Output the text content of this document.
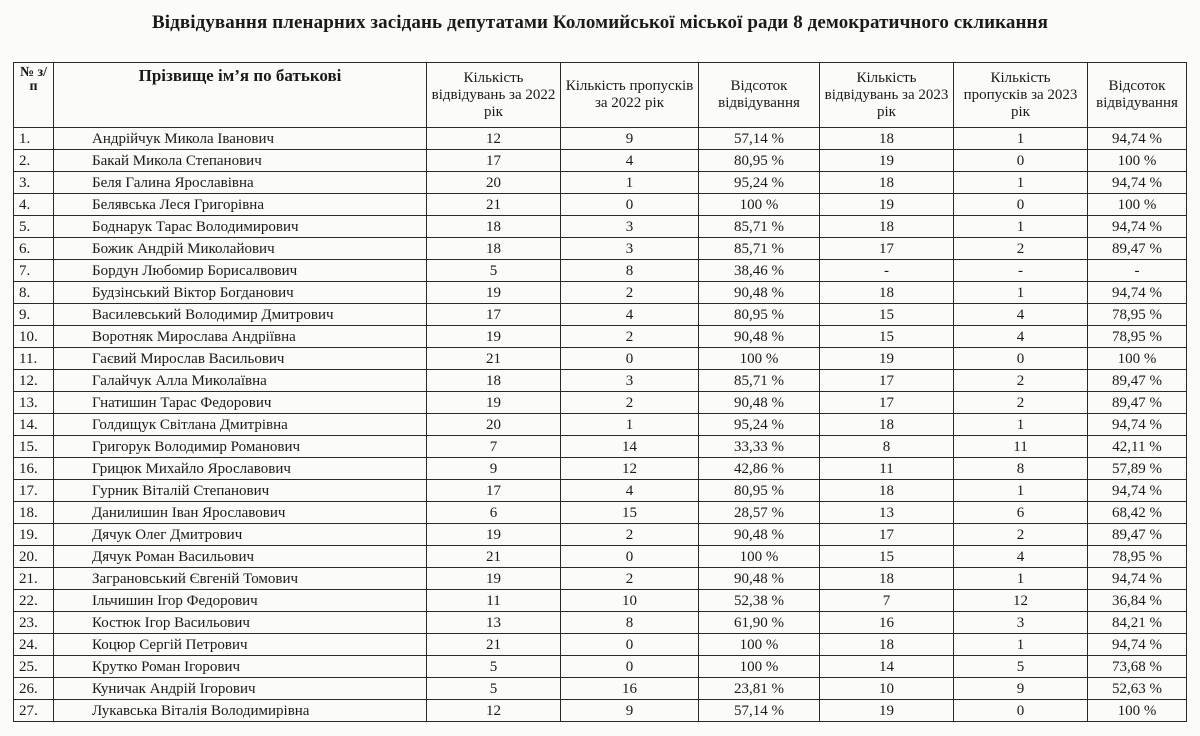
Відвідування пленарних засідань депутатами Коломийської міської ради 8 демократичного скликання
№ з/п	Прізвище ім’я по батькові	Кількість відвідувань за 2022 рік	Кількість пропусків за 2022 рік	Відсоток відвідування	Кількість відвідувань за 2023 рік	Кількість пропусків за 2023 рік	Відсоток відвідування
1.	Андрійчук Микола Іванович	12	9	57,14 %	18	1	94,74 %
2.	Бакай Микола Степанович	17	4	80,95 %	19	0	100 %
3.	Беля Галина Ярославівна	20	1	95,24 %	18	1	94,74 %
4.	Белявська Леся Григорівна	21	0	100 %	19	0	100 %
5.	Боднарук Тарас Володимирович	18	3	85,71 %	18	1	94,74 %
6.	Божик Андрій Миколайович	18	3	85,71 %	17	2	89,47 %
7.	Бордун Любомир Борисалвович	5	8	38,46 %	-	-	-
8.	Будзінський Віктор Богданович	19	2	90,48 %	18	1	94,74 %
9.	Василевський Володимир Дмитрович	17	4	80,95 %	15	4	78,95 %
10.	Воротняк Мирослава Андріївна	19	2	90,48 %	15	4	78,95 %
11.	Гаєвий Мирослав Васильович	21	0	100 %	19	0	100 %
12.	Галайчук Алла Миколаївна	18	3	85,71 %	17	2	89,47 %
13.	Гнатишин Тарас Федорович	19	2	90,48 %	17	2	89,47 %
14.	Голдищук Світлана Дмитрівна	20	1	95,24 %	18	1	94,74 %
15.	Григорук Володимир Романович	7	14	33,33 %	8	11	42,11 %
16.	Грицюк Михайло Ярославович	9	12	42,86 %	11	8	57,89 %
17.	Гурник Віталій Степанович	17	4	80,95 %	18	1	94,74 %
18.	Данилишин Іван Ярославович	6	15	28,57 %	13	6	68,42 %
19.	Дячук Олег Дмитрович	19	2	90,48 %	17	2	89,47 %
20.	Дячук Роман Васильович	21	0	100 %	15	4	78,95 %
21.	Заграновський Євгеній Томович	19	2	90,48 %	18	1	94,74 %
22.	Ільчишин Ігор Федорович	11	10	52,38 %	7	12	36,84 %
23.	Костюк Ігор Васильович	13	8	61,90 %	16	3	84,21 %
24.	Коцюр Сергій Петрович	21	0	100 %	18	1	94,74 %
25.	Крутко Роман Ігорович	5	0	100 %	14	5	73,68 %
26.	Куничак Андрій Ігорович	5	16	23,81 %	10	9	52,63 %
27.	Лукавська Віталія Володимирівна	12	9	57,14 %	19	0	100 %
